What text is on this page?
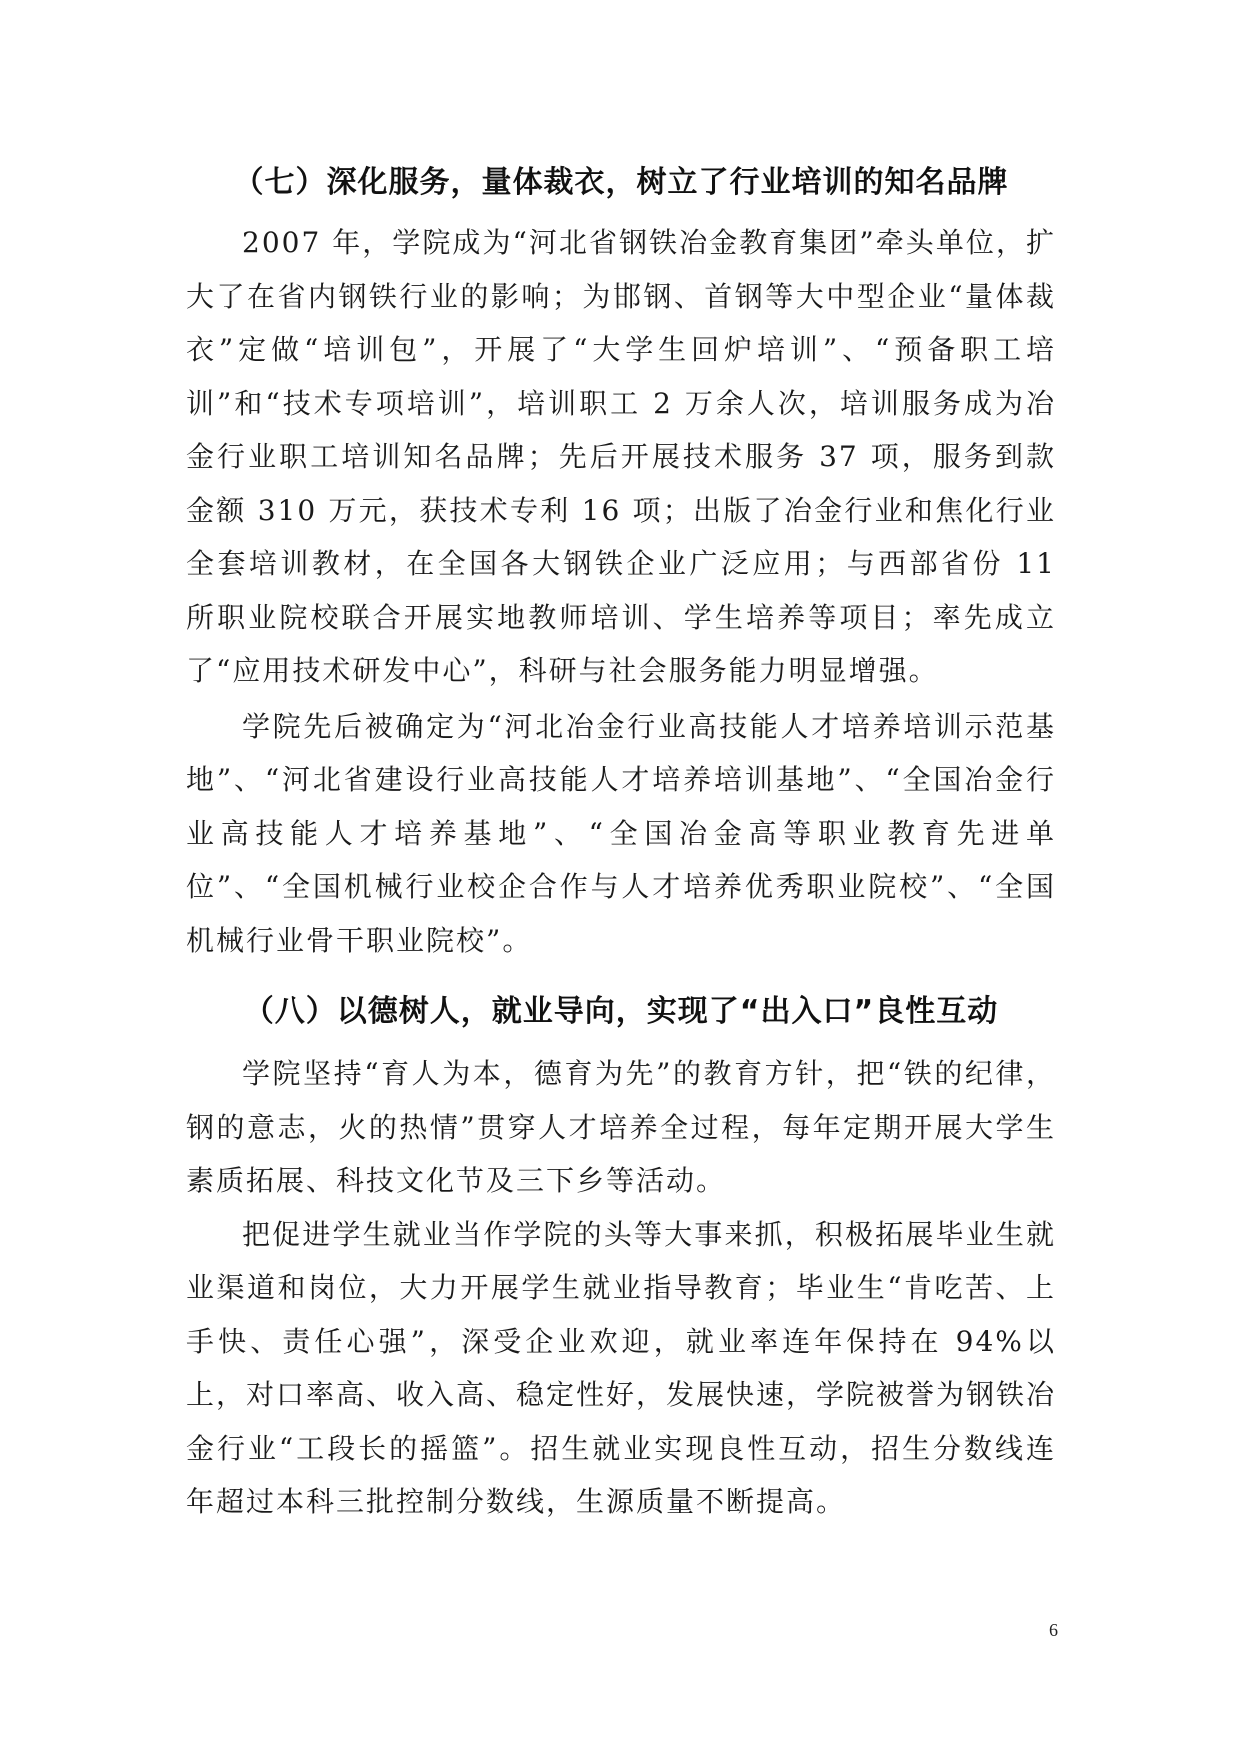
（七）深化服务，量体裁衣，树立了行业培训的知名品牌

2007 年，学院成为“河北省钢铁冶金教育集团”牵头单位，扩大了在省内钢铁行业的影响；为邯钢、首钢等大中型企业“量体裁衣”定做“培训包”，开展了“大学生回炉培训”、“预备职工培训”和“技术专项培训”，培训职工 2 万余人次，培训服务成为冶金行业职工培训知名品牌；先后开展技术服务 37 项，服务到款金额 310 万元，获技术专利 16 项；出版了冶金行业和焦化行业全套培训教材，在全国各大钢铁企业广泛应用；与西部省份 11 所职业院校联合开展实地教师培训、学生培养等项目；率先成立了“应用技术研发中心”，科研与社会服务能力明显增强。

学院先后被确定为“河北冶金行业高技能人才培养培训示范基地”、“河北省建设行业高技能人才培养培训基地”、“全国冶金行业高技能人才培养基地”、“全国冶金高等职业教育先进单位”、“全国机械行业校企合作与人才培养优秀职业院校”、“全国机械行业骨干职业院校”。

（八）以德树人，就业导向，实现了“出入口”良性互动

学院坚持“育人为本，德育为先”的教育方针，把“铁的纪律，钢的意志，火的热情”贯穿人才培养全过程，每年定期开展大学生素质拓展、科技文化节及三下乡等活动。

把促进学生就业当作学院的头等大事来抓，积极拓展毕业生就业渠道和岗位，大力开展学生就业指导教育；毕业生“肯吃苦、上手快、责任心强”，深受企业欢迎，就业率连年保持在 94%以上，对口率高、收入高、稳定性好，发展快速，学院被誉为钢铁冶金行业“工段长的摇篮”。招生就业实现良性互动，招生分数线连年超过本科三批控制分数线，生源质量不断提高。

6
